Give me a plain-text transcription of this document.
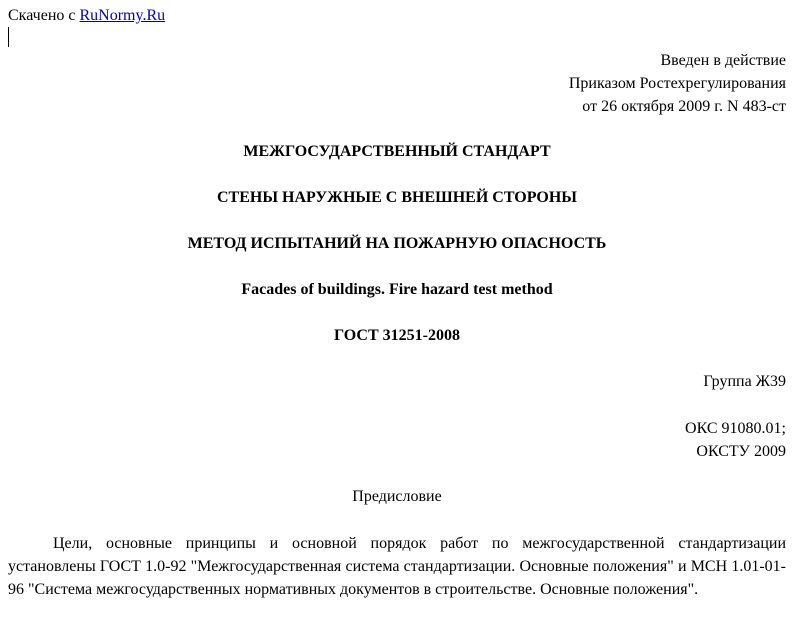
Скачено с RuNormy.Ru
Введен в действие
Приказом Ростехрегулирования
от 26 октября 2009 г. N 483-ст
МЕЖГОСУДАРСТВЕННЫЙ СТАНДАРТ
СТЕНЫ НАРУЖНЫЕ С ВНЕШНЕЙ СТОРОНЫ
МЕТОД ИСПЫТАНИЙ НА ПОЖАРНУЮ ОПАСНОСТЬ
Facades of buildings. Fire hazard test method
ГОСТ 31251-2008
Группа Ж39
ОКС 91080.01;
ОКСТУ 2009
Предисловие
Цели, основные принципы и основной порядок работ по межгосударственной стандартизации установлены ГОСТ 1.0-92 "Межгосударственная система стандартизации. Основные положения" и МСН 1.01-01-96 "Система межгосударственных нормативных документов в строительстве. Основные положения".
